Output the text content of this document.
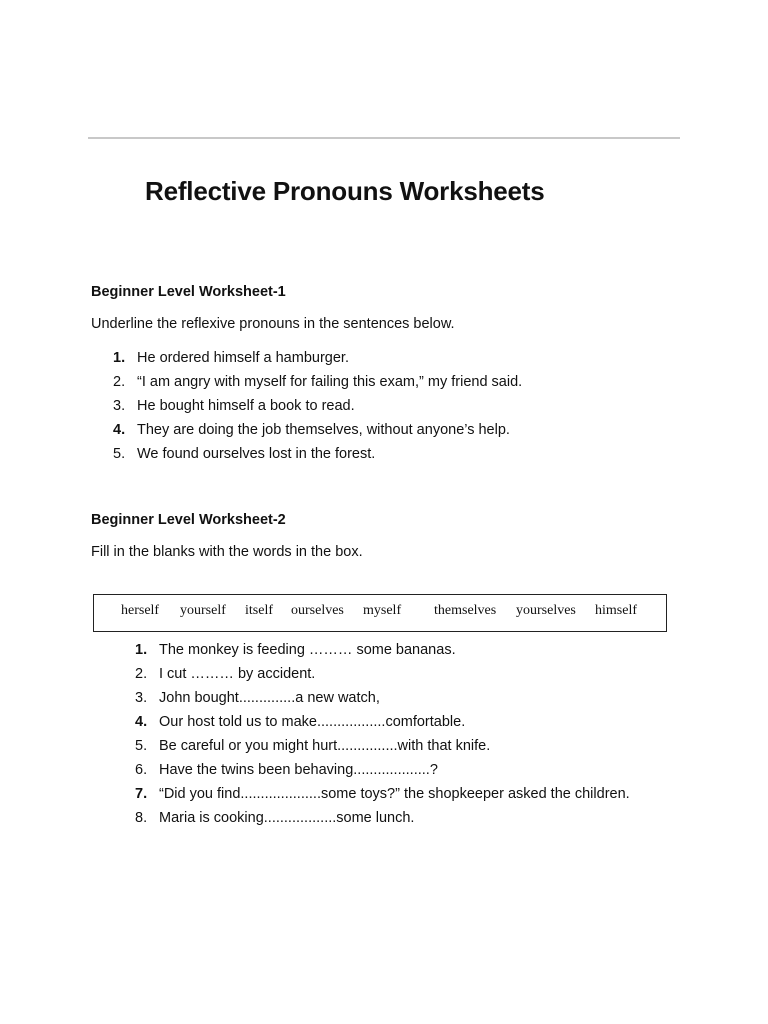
Reflective Pronouns Worksheets
Beginner Level Worksheet-1
Underline the reflexive pronouns in the sentences below.
1. He ordered himself a hamburger.
2. “I am angry with myself for failing this exam,” my friend said.
3. He bought himself a book to read.
4. They are doing the job themselves, without anyone’s help.
5. We found ourselves lost in the forest.
Beginner Level Worksheet-2
Fill in the blanks with the words in the box.
herself yourself itself ourselves myself themselves yourselves himself
1. The monkey is feeding ……… some bananas.
2. I cut ……… by accident.
3. John bought..............a new watch,
4. Our host told us to make.................comfortable.
5. Be careful or you might hurt...............with that knife.
6. Have the twins been behaving...................?
7. “Did you find....................some toys?” the shopkeeper asked the children.
8. Maria is cooking..................some lunch.
